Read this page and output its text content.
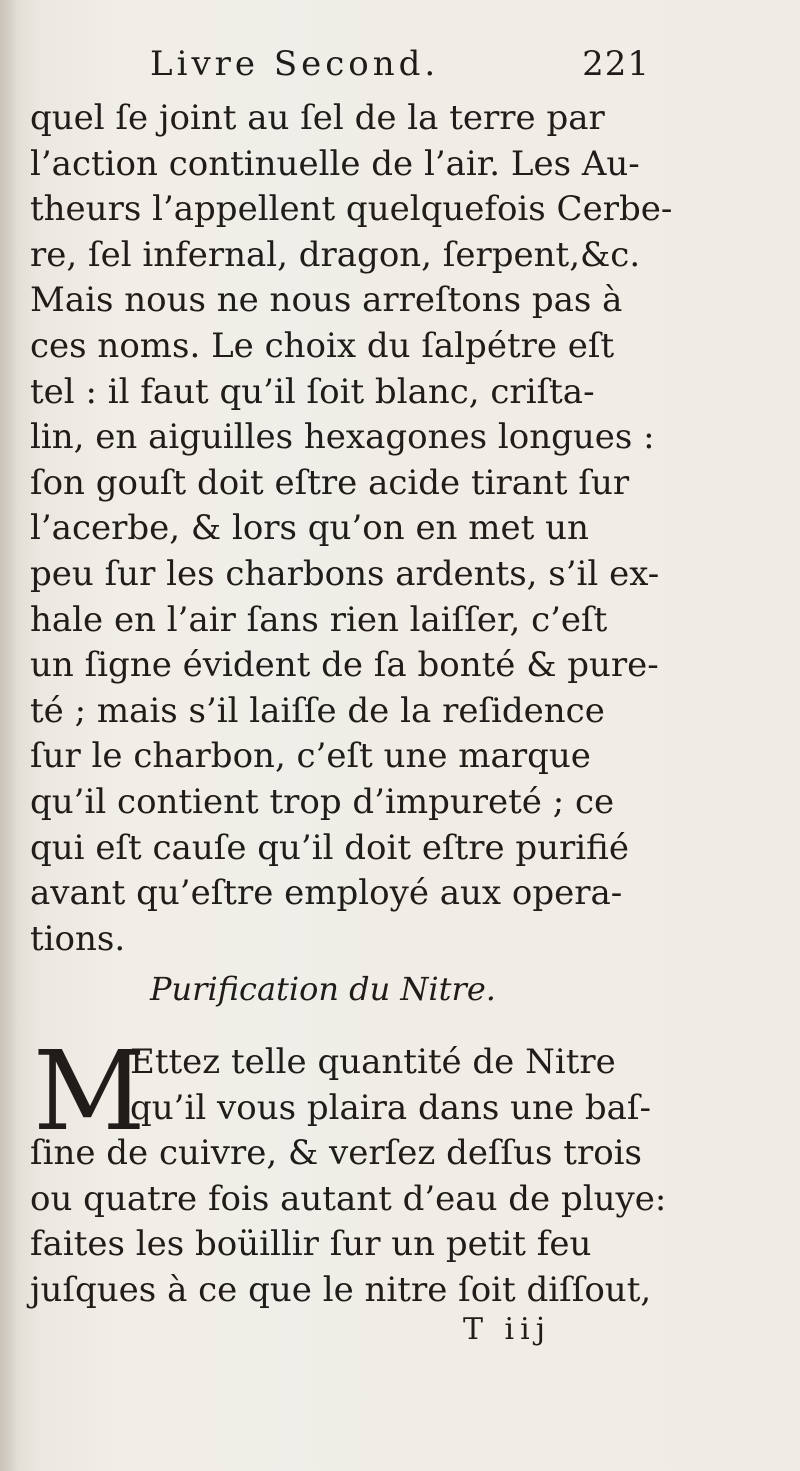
Livre Second.	221
quel ſe joint au ſel de la terre par
l’action continuelle de l’air. Les Au-
theurs l’appellent quelquefois Cerbe-
re, ſel infernal, dragon, ſerpent,&c.
Mais nous ne nous arreſtons pas à
ces noms. Le choix du ſalpétre eſt
tel : il faut qu’il ſoit blanc, criſta-
lin, en aiguilles hexagones longues :
ſon gouſt doit eſtre acide tirant ſur
l’acerbe, & lors qu’on en met un
peu ſur les charbons ardents, s’il ex-
hale en l’air ſans rien laiſſer, c’eſt
un ſigne évident de ſa bonté & pure-
té ; mais s’il laiſſe de la reſidence
ſur le charbon, c’eſt une marque
qu’il contient trop d’impureté ; ce
qui eſt cauſe qu’il doit eſtre purifié
avant qu’eſtre employé aux opera-
tions.
Purification du Nitre.
M
Ettez telle quantité de Nitre
qu’il vous plaira dans une baſ-
ſine de cuivre, & verſez deſſus trois
ou quatre fois autant d’eau de pluye:
faites les boüillir ſur un petit feu
juſques à ce que le nitre ſoit diſſout,
T iij
